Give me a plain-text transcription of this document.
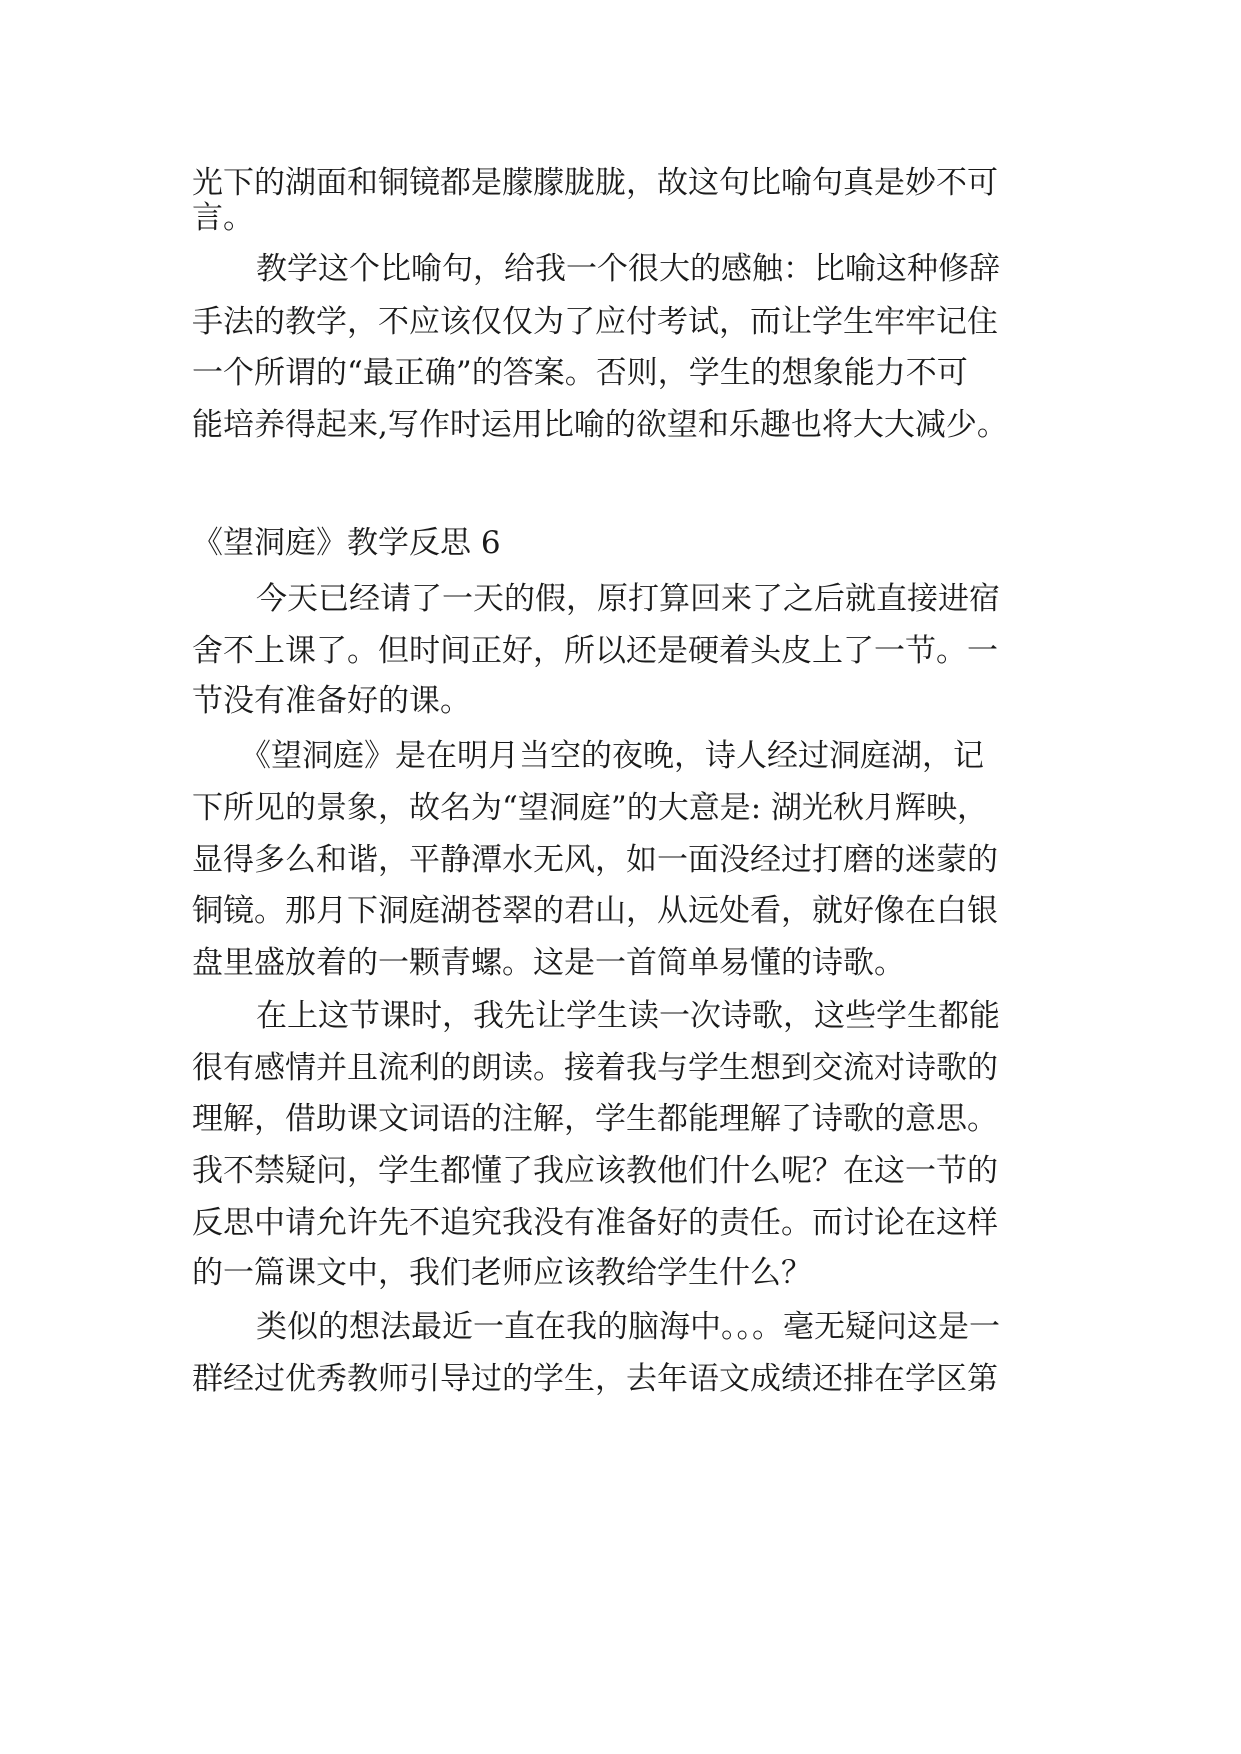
光下的湖面和铜镜都是朦朦胧胧，故这句比喻句真是妙不可
言。
教学这个比喻句，给我一个很大的感触：比喻这种修辞
手法的教学，不应该仅仅为了应付考试，而让学生牢牢记住
一个所谓的“最正确”的答案。否则，学生的想象能力不可
能培养得起来,写作时运用比喻的欲望和乐趣也将大大减少。
《望洞庭》教学反思 6
今天已经请了一天的假，原打算回来了之后就直接进宿
舍不上课了。但时间正好，所以还是硬着头皮上了一节。一
节没有准备好的课。
《望洞庭》是在明月当空的夜晚，诗人经过洞庭湖，记
下所见的景象，故名为“望洞庭”的大意是: 湖光秋月辉映，
显得多么和谐，平静潭水无风，如一面没经过打磨的迷蒙的
铜镜。那月下洞庭湖苍翠的君山，从远处看，就好像在白银
盘里盛放着的一颗青螺。这是一首简单易懂的诗歌。
在上这节课时，我先让学生读一次诗歌，这些学生都能
很有感情并且流利的朗读。接着我与学生想到交流对诗歌的
理解，借助课文词语的注解，学生都能理解了诗歌的意思。
我不禁疑问，学生都懂了我应该教他们什么呢？在这一节的
反思中请允许先不追究我没有准备好的责任。而讨论在这样
的一篇课文中，我们老师应该教给学生什么？
类似的想法最近一直在我的脑海中。。。毫无疑问这是一
群经过优秀教师引导过的学生，去年语文成绩还排在学区第
